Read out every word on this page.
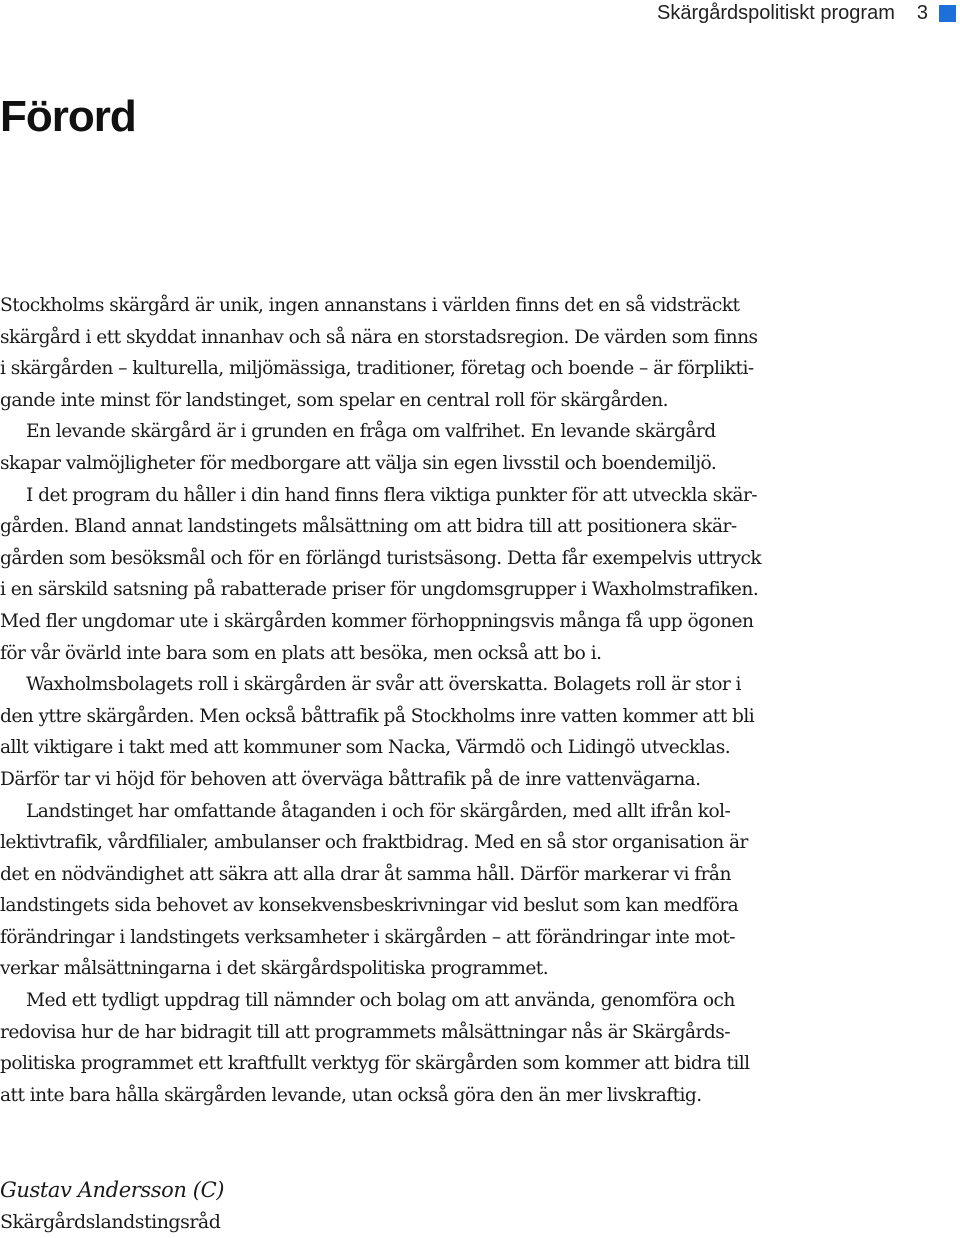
Skärgårdspolitiskt program 3
Förord

Stockholms skärgård är unik, ingen annanstans i världen finns det en så vidsträckt
skärgård i ett skyddat innanhav och så nära en storstadsregion. De värden som finns
i skärgården – kulturella, miljömässiga, traditioner, företag och boende – är förplikti-
gande inte minst för landstinget, som spelar en central roll för skärgården.

En levande skärgård är i grunden en fråga om valfrihet. En levande skärgård
skapar valmöjligheter för medborgare att välja sin egen livsstil och boendemiljö.

I det program du håller i din hand finns flera viktiga punkter för att utveckla skär-
gården. Bland annat landstingets målsättning om att bidra till att positionera skär-
gården som besöksmål och för en förlängd turistsäsong. Detta får exempelvis uttryck
i en särskild satsning på rabatterade priser för ungdomsgrupper i Waxholmstrafiken.
Med fler ungdomar ute i skärgården kommer förhoppningsvis många få upp ögonen
för vår övärld inte bara som en plats att besöka, men också att bo i.

Waxholmsbolagets roll i skärgården är svår att överskatta. Bolagets roll är stor i
den yttre skärgården. Men också båttrafik på Stockholms inre vatten kommer att bli
allt viktigare i takt med att kommuner som Nacka, Värmdö och Lidingö utvecklas.
Därför tar vi höjd för behoven att överväga båttrafik på de inre vattenvägarna.

Landstinget har omfattande åtaganden i och för skärgården, med allt ifrån kol-
lektivtrafik, vårdfilialer, ambulanser och fraktbidrag. Med en så stor organisation är
det en nödvändighet att säkra att alla drar åt samma håll. Därför markerar vi från
landstingets sida behovet av konsekvensbeskrivningar vid beslut som kan medföra
förändringar i landstingets verksamheter i skärgården – att förändringar inte mot-
verkar målsättningarna i det skärgårdspolitiska programmet.

Med ett tydligt uppdrag till nämnder och bolag om att använda, genomföra och
redovisa hur de har bidragit till att programmets målsättningar nås är Skärgårds-
politiska programmet ett kraftfullt verktyg för skärgården som kommer att bidra till
att inte bara hålla skärgården levande, utan också göra den än mer livskraftig.

Gustav Andersson (C)
Skärgårdslandstingsråd
